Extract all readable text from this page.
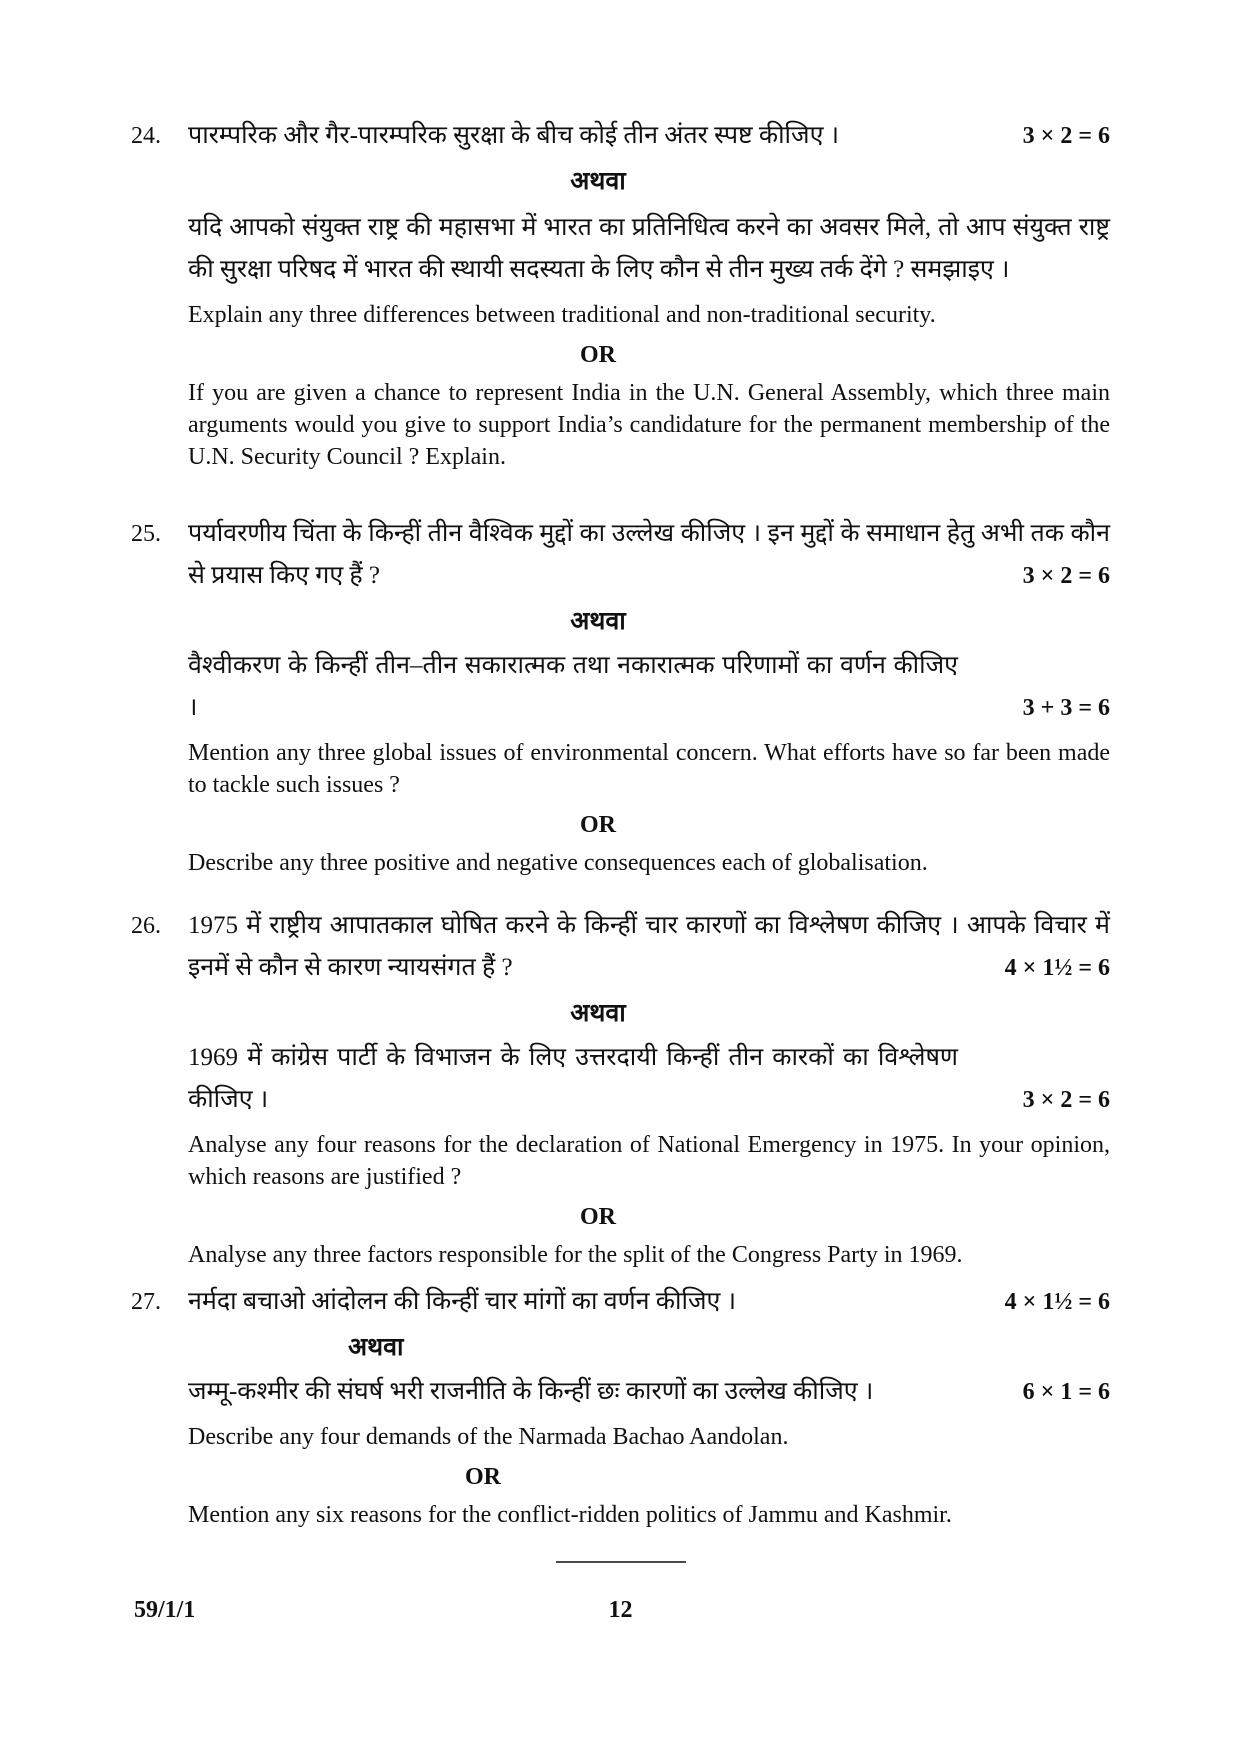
24.	पारम्परिक और गैर-पारम्परिक सुरक्षा के बीच कोई तीन अंतर स्पष्ट कीजिए ।	3 × 2 = 6
अथवा
यदि आपको संयुक्त राष्ट्र की महासभा में भारत का प्रतिनिधित्व करने का अवसर मिले, तो आप संयुक्त राष्ट्र की सुरक्षा परिषद में भारत की स्थायी सदस्यता के लिए कौन से तीन मुख्य तर्क देंगे ? समझाइए ।
Explain any three differences between traditional and non-traditional security.
OR
If you are given a chance to represent India in the U.N. General Assembly, which three main arguments would you give to support India’s candidature for the permanent membership of the U.N. Security Council ? Explain.
25.	पर्यावरणीय चिंता के किन्हीं तीन वैश्विक मुद्दों का उल्लेख कीजिए । इन मुद्दों के समाधान हेतु अभी तक कौन से प्रयास किए गए हैं ?	3 × 2 = 6
अथवा
वैश्वीकरण के किन्हीं तीन–तीन सकारात्मक तथा नकारात्मक परिणामों का वर्णन कीजिए ।	3 + 3 = 6
Mention any three global issues of environmental concern. What efforts have so far been made to tackle such issues ?
OR
Describe any three positive and negative consequences each of globalisation.
26.	1975 में राष्ट्रीय आपातकाल घोषित करने के किन्हीं चार कारणों का विश्लेषण कीजिए । आपके विचार में इनमें से कौन से कारण न्यायसंगत हैं ?	4 × 1½ = 6
अथवा
1969 में कांग्रेस पार्टी के विभाजन के लिए उत्तरदायी किन्हीं तीन कारकों का विश्लेषण कीजिए ।	3 × 2 = 6
Analyse any four reasons for the declaration of National Emergency in 1975. In your opinion, which reasons are justified ?
OR
Analyse any three factors responsible for the split of the Congress Party in 1969.
27.	नर्मदा बचाओ आंदोलन की किन्हीं चार मांगों का वर्णन कीजिए ।	4 × 1½ = 6
अथवा
जम्मू-कश्मीर की संघर्ष भरी राजनीति के किन्हीं छः कारणों का उल्लेख कीजिए ।	6 × 1 = 6
Describe any four demands of the Narmada Bachao Aandolan.
OR
Mention any six reasons for the conflict-ridden politics of Jammu and Kashmir.
59/1/1	12
